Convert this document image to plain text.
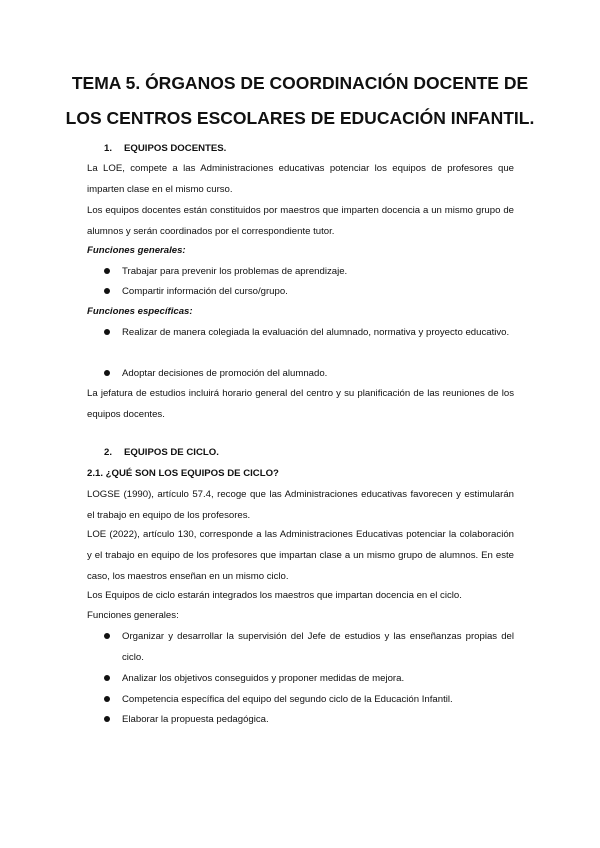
TEMA 5. ÓRGANOS DE COORDINACIÓN DOCENTE DE
LOS CENTROS ESCOLARES DE EDUCACIÓN INFANTIL.
1. EQUIPOS DOCENTES.
La LOE, compete a las Administraciones educativas potenciar los equipos de profesores que imparten clase en el mismo curso.
Los equipos docentes están constituidos por maestros que imparten docencia a un mismo grupo de alumnos y serán coordinados por el correspondiente tutor.
Funciones generales:
Trabajar para prevenir los problemas de aprendizaje.
Compartir información del curso/grupo.
Funciones específicas:
Realizar de manera colegiada la evaluación del alumnado, normativa y proyecto educativo.
Adoptar decisiones de promoción del alumnado.
La jefatura de estudios incluirá horario general del centro y su planificación de las reuniones de los equipos docentes.
2. EQUIPOS DE CICLO.
2.1. ¿QUÉ SON LOS EQUIPOS DE CICLO?
LOGSE (1990), artículo 57.4, recoge que las Administraciones educativas favorecen y estimularán el trabajo en equipo de los profesores.
LOE (2022), artículo 130, corresponde a las Administraciones Educativas potenciar la colaboración y el trabajo en equipo de los profesores que impartan clase a un mismo grupo de alumnos. En este caso, los maestros enseñan en un mismo ciclo.
Los Equipos de ciclo estarán integrados los maestros que impartan docencia en el ciclo.
Funciones generales:
Organizar y desarrollar la supervisión del Jefe de estudios y las enseñanzas propias del ciclo.
Analizar los objetivos conseguidos y proponer medidas de mejora.
Competencia específica del equipo del segundo ciclo de la Educación Infantil.
Elaborar la propuesta pedagógica.
